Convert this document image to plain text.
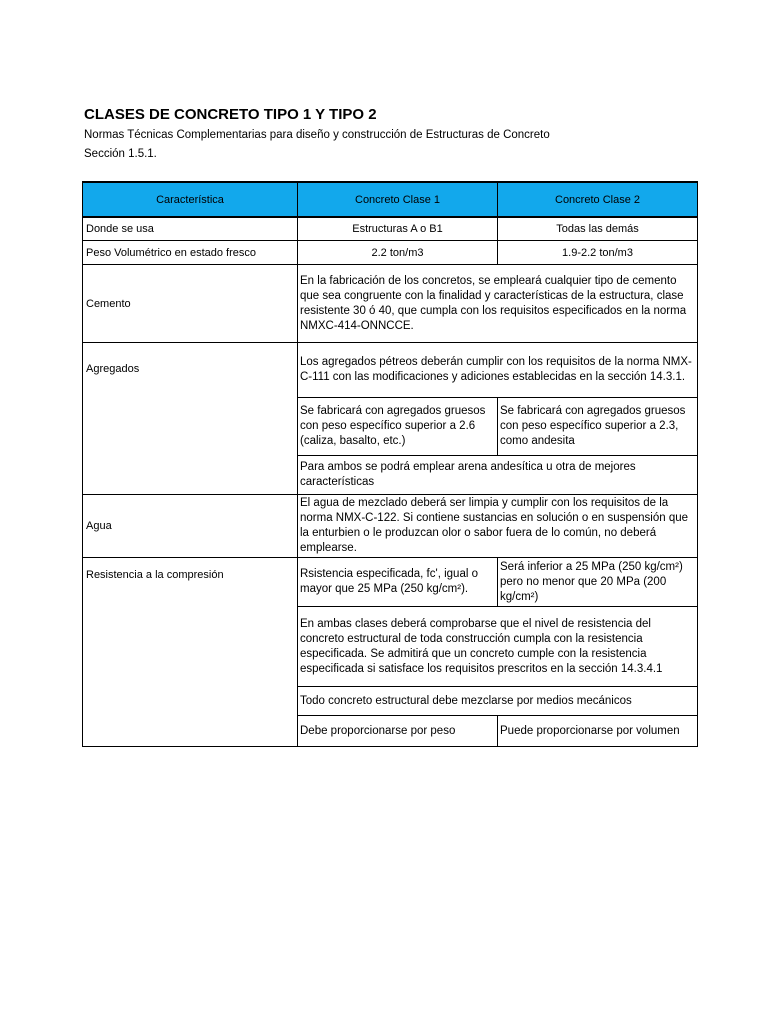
CLASES DE CONCRETO TIPO 1 Y TIPO 2
Normas Técnicas Complementarias para diseño y construcción de Estructuras de Concreto
Sección 1.5.1.
Característica	Concreto Clase 1	Concreto Clase 2
Donde se usa	Estructuras A o B1	Todas las demás
Peso Volumétrico en estado fresco	2.2 ton/m3	1.9-2.2 ton/m3
Cemento	En la fabricación de los concretos, se empleará cualquier tipo de cemento que sea congruente con la finalidad y características de la estructura, clase resistente 30 ó 40, que cumpla con los requisitos especificados en la norma NMXC-414-ONNCCE.	
Agregados	Los agregados pétreos deberán cumplir con los requisitos de la norma NMX-C-111 con las modificaciones y adiciones establecidas en la sección 14.3.1.	
	Se fabricará con agregados gruesos con peso específico superior a 2.6 (caliza, basalto, etc.)	Se fabricará con agregados gruesos con peso específico superior a 2.3, como andesita
	Para ambos se podrá emplear arena andesítica u otra de mejores características	
Agua	El agua de mezclado deberá ser limpia y cumplir con los requisitos de la norma NMX-C-122. Si contiene sustancias en solución o en suspensión que la enturbien o le produzcan olor o sabor fuera de lo común, no deberá emplearse.	
Resistencia a la compresión	Rsistencia especificada, fc', igual o mayor que 25 MPa (250 kg/cm²).	Será inferior a 25 MPa (250 kg/cm²) pero no menor que 20 MPa (200 kg/cm²)
	En ambas clases deberá comprobarse que el nivel de resistencia del concreto estructural de toda construcción cumpla con la resistencia especificada. Se admitirá que un concreto cumple con la resistencia especificada si satisface los requisitos prescritos en la sección 14.3.4.1	
	Todo concreto estructural debe mezclarse por medios mecánicos	
	Debe proporcionarse por peso	Puede proporcionarse por volumen
